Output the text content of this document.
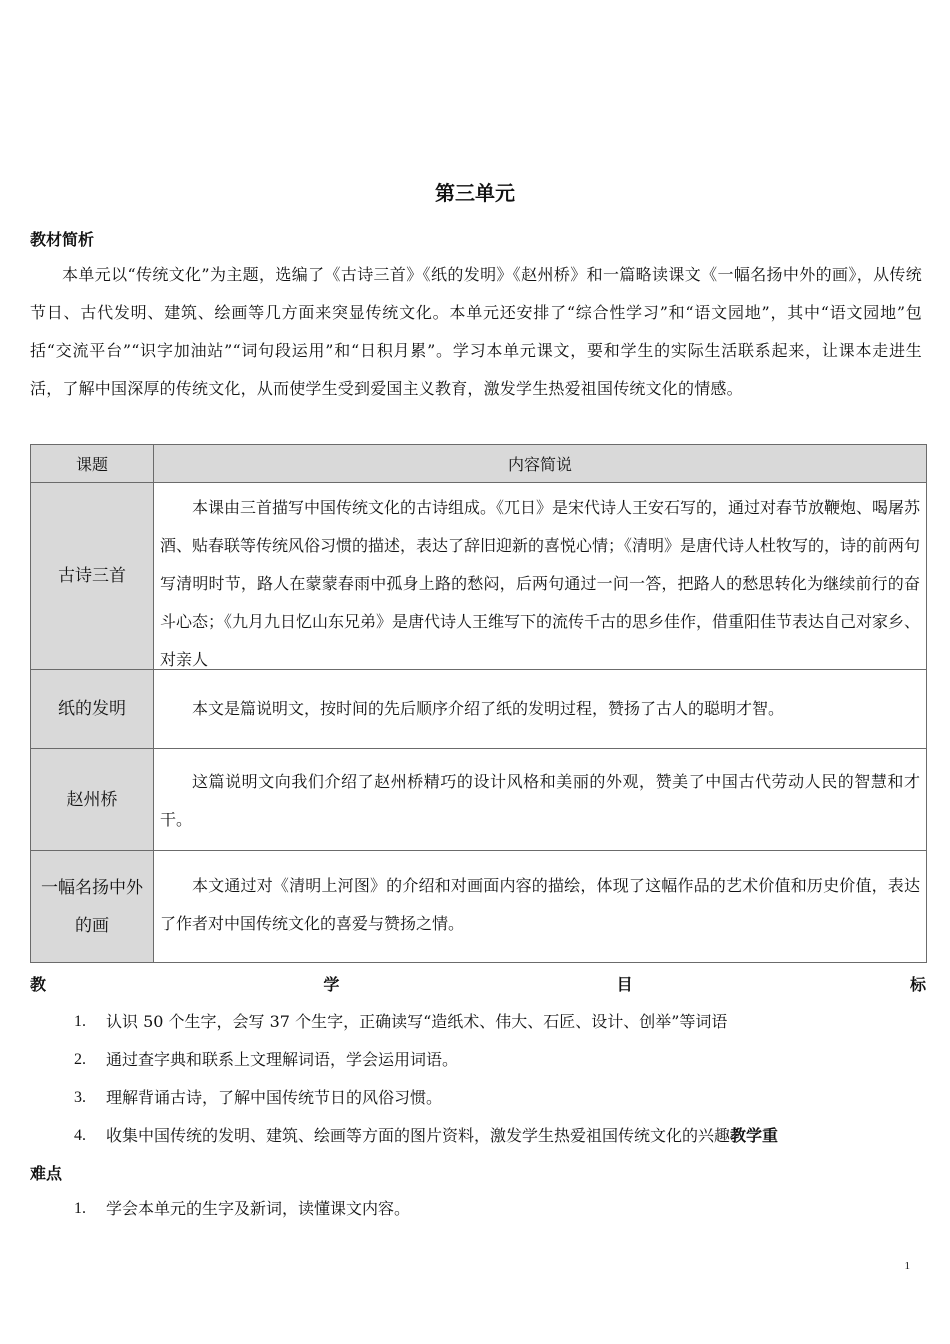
第三单元
教材简析

本单元以“传统文化”为主题，选编了《古诗三首》《纸的发明》《赵州桥》和一篇略读课文《一幅名扬中外的画》，从传统节日、古代发明、建筑、绘画等几方面来突显传统文化。本单元还安排了“综合性学习”和“语文园地”，其中“语文园地”包括“交流平台”“识字加油站”“词句段运用”和“日积月累”。学习本单元课文，要和学生的实际生活联系起来，让课本走进生活，了解中国深厚的传统文化，从而使学生受到爱国主义教育，激发学生热爱祖国传统文化的情感。

课题	内容简说
古诗三首	本课由三首描写中国传统文化的古诗组成。《兀日》是宋代诗人王安石写的，通过对春节放鞭炮、喝屠苏酒、贴春联等传统风俗习惯的描述，表达了辞旧迎新的喜悦心情；《清明》是唐代诗人杜牧写的，诗的前两句写清明时节，路人在蒙蒙春雨中孤身上路的愁闷，后两句通过一问一答，把路人的愁思转化为继续前行的奋斗心态；《九月九日忆山东兄弟》是唐代诗人王维写下的流传千古的思乡佳作，借重阳佳节表达自己对家乡、对亲人

纸的发明	本文是篇说明文，按时间的先后顺序介绍了纸的发明过程，赞扬了古人的聪明才智。

赵州桥	这篇说明文向我们介绍了赵州桥精巧的设计风格和美丽的外观，赞美了中国古代劳动人民的智慧和才干。

一幅名扬中外的画	本文通过对《清明上河图》的介绍和对画面内容的描绘，体现了这幅作品的艺术价值和历史价值，表达了作者对中国传统文化的喜爱与赞扬之情。
教	学	目	标
1. 认识 50 个生字，会写 37 个生字，正确读写“造纸术、伟大、石匠、设计、创举”等词语
2. 通过查字典和联系上文理解词语，学会运用词语。
3. 理解背诵古诗，了解中国传统节日的风俗习惯。
4. 收集中国传统的发明、建筑、绘画等方面的图片资料，激发学生热爱祖国传统文化的兴趣教学重
难点
1. 学会本单元的生字及新词，读懂课文内容。
1
